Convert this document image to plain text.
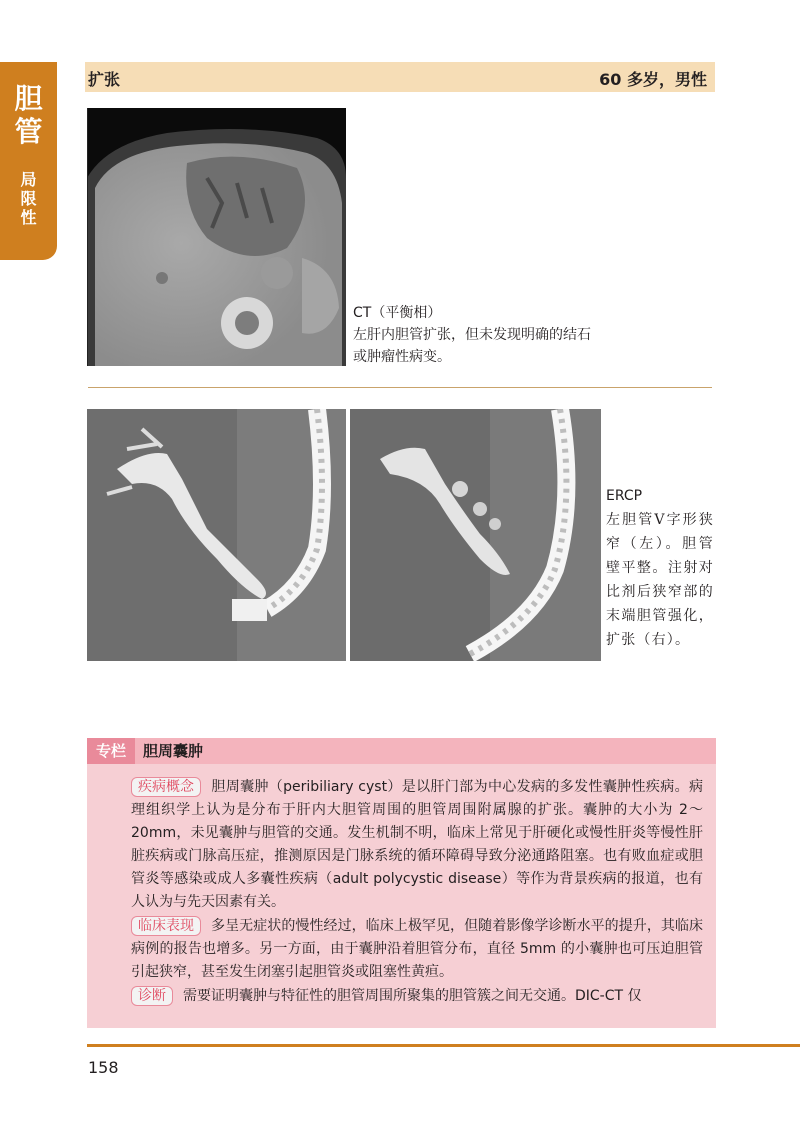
胆
管
局
限
性
扩张	60 多岁，男性
CT（平衡相）
左肝内胆管扩张，但未发现明确的结石
或肿瘤性病变。
ERCP
左胆管V字形狭窄（左）。胆管壁平整。注射对比剂后狭窄部的末端胆管强化，扩张（右）。
专栏	胆周囊肿

疾病概念 胆周囊肿（peribiliary cyst）是以肝门部为中心发病的多发性囊肿性疾病。病理组织学上认为是分布于肝内大胆管周围的胆管周围附属腺的扩张。囊肿的大小为 2～20mm，未见囊肿与胆管的交通。发生机制不明，临床上常见于肝硬化或慢性肝炎等慢性肝脏疾病或门脉高压症，推测原因是门脉系统的循环障碍导致分泌通路阻塞。也有败血症或胆管炎等感染或成人多囊性疾病（adult polycystic disease）等作为背景疾病的报道，也有人认为与先天因素有关。

临床表现 多呈无症状的慢性经过，临床上极罕见，但随着影像学诊断水平的提升，其临床病例的报告也增多。另一方面，由于囊肿沿着胆管分布，直径 5mm 的小囊肿也可压迫胆管引起狭窄，甚至发生闭塞引起胆管炎或阻塞性黄疸。

诊断 需要证明囊肿与特征性的胆管周围所聚集的胆管簇之间无交通。DIC-CT 仅

158
